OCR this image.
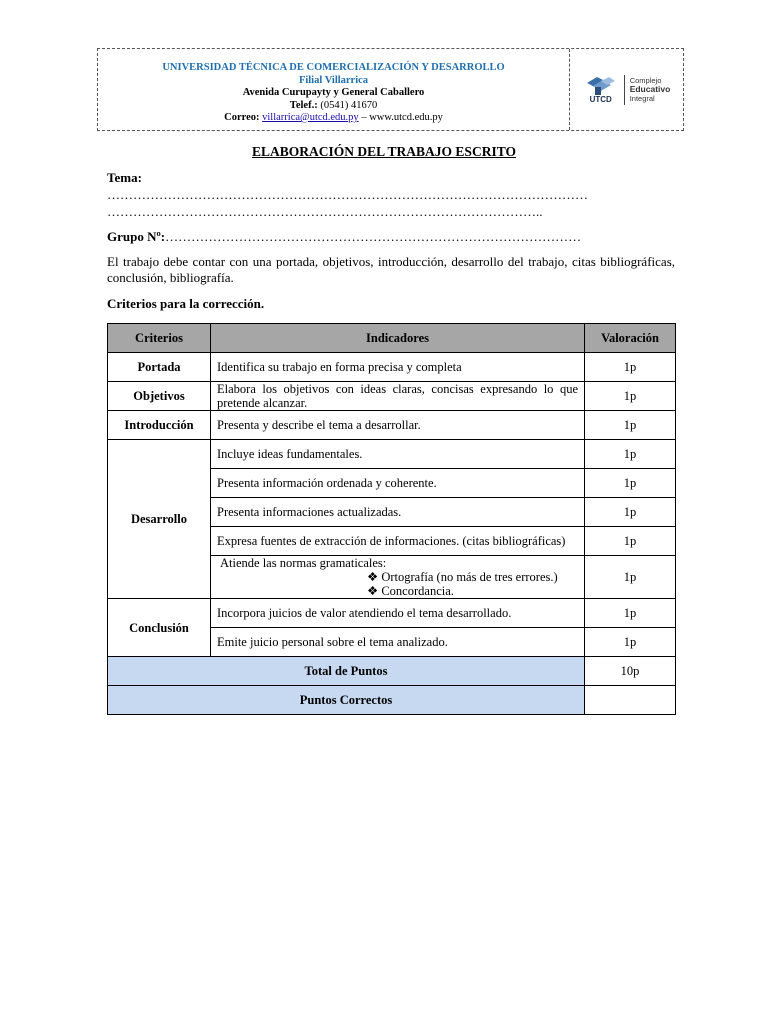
UNIVERSIDAD TÉCNICA DE COMERCIALIZACIÓN Y DESARROLLO
Filial Villarrica
Avenida Curupayty y General Caballero
Telef.: (0541) 41670
Correo: villarrica@utcd.edu.py – www.utcd.edu.py
UTCD
Complejo
Educativo
Integral
ELABORACIÓN DEL TRABAJO ESCRITO
Tema:
…………………………………………………………………………………………………
………………………………………………………………………………………..
Grupo Nº:……………………………………………………………………………………
El trabajo debe contar con una portada, objetivos, introducción, desarrollo del trabajo, citas bibliográficas, conclusión, bibliografía.
Criterios para la corrección.
Criterios	Indicadores	Valoración
Portada	Identifica su trabajo en forma precisa y completa	1p
Objetivos	Elabora los objetivos con ideas claras, concisas expresando lo que pretende alcanzar.	1p
Introducción	Presenta y describe el tema a desarrollar.	1p
Desarrollo	Incluye ideas fundamentales.	1p
	Presenta información ordenada y coherente.	1p
	Presenta informaciones actualizadas.	1p
	Expresa fuentes de extracción de informaciones. (citas bibliográficas)	1p

	Atiende las normas gramaticales:
❖ Ortografía (no más de tres errores.)
❖ Concordancia.	1p
Conclusión	Incorpora juicios de valor atendiendo el tema desarrollado.	1p
	Emite juicio personal sobre el tema analizado.	1p
Total de Puntos		10p
Puntos Correctos		
